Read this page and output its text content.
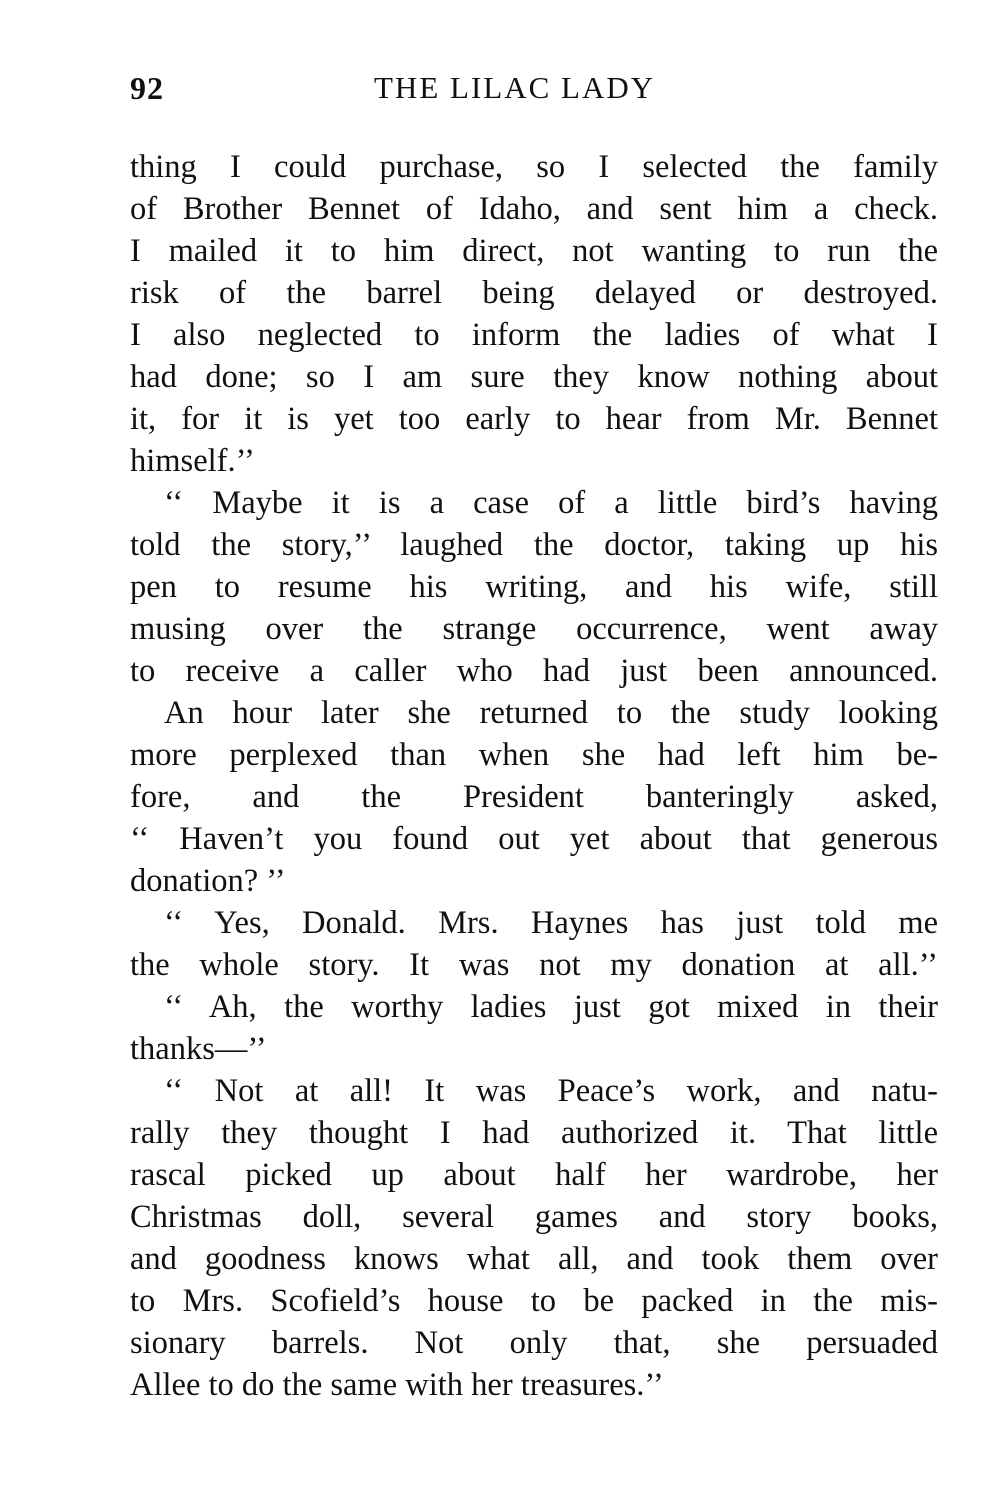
92	THE LILAC LADY
thing I could purchase, so I selected the family
of Brother Bennet of Idaho, and sent him a check.
I mailed it to him direct, not wanting to run the
risk of the barrel being delayed or destroyed.
I also neglected to inform the ladies of what I
had done; so I am sure they know nothing about
it, for it is yet too early to hear from Mr. Bennet
himself.’’
‘‘ Maybe it is a case of a little bird’s having
told the story,’’ laughed the doctor, taking up his
pen to resume his writing, and his wife, still
musing over the strange occurrence, went away
to receive a caller who had just been announced.
An hour later she returned to the study looking
more perplexed than when she had left him be-
fore, and the President banteringly asked,
‘‘ Haven’t you found out yet about that generous
donation? ’’
‘‘ Yes, Donald. Mrs. Haynes has just told me
the whole story. It was not my donation at all.’’
‘‘ Ah, the worthy ladies just got mixed in their
thanks—’’
‘‘ Not at all! It was Peace’s work, and natu-
rally they thought I had authorized it. That little
rascal picked up about half her wardrobe, her
Christmas doll, several games and story books,
and goodness knows what all, and took them over
to Mrs. Scofield’s house to be packed in the mis-
sionary barrels. Not only that, she persuaded
Allee to do the same with her treasures.’’
